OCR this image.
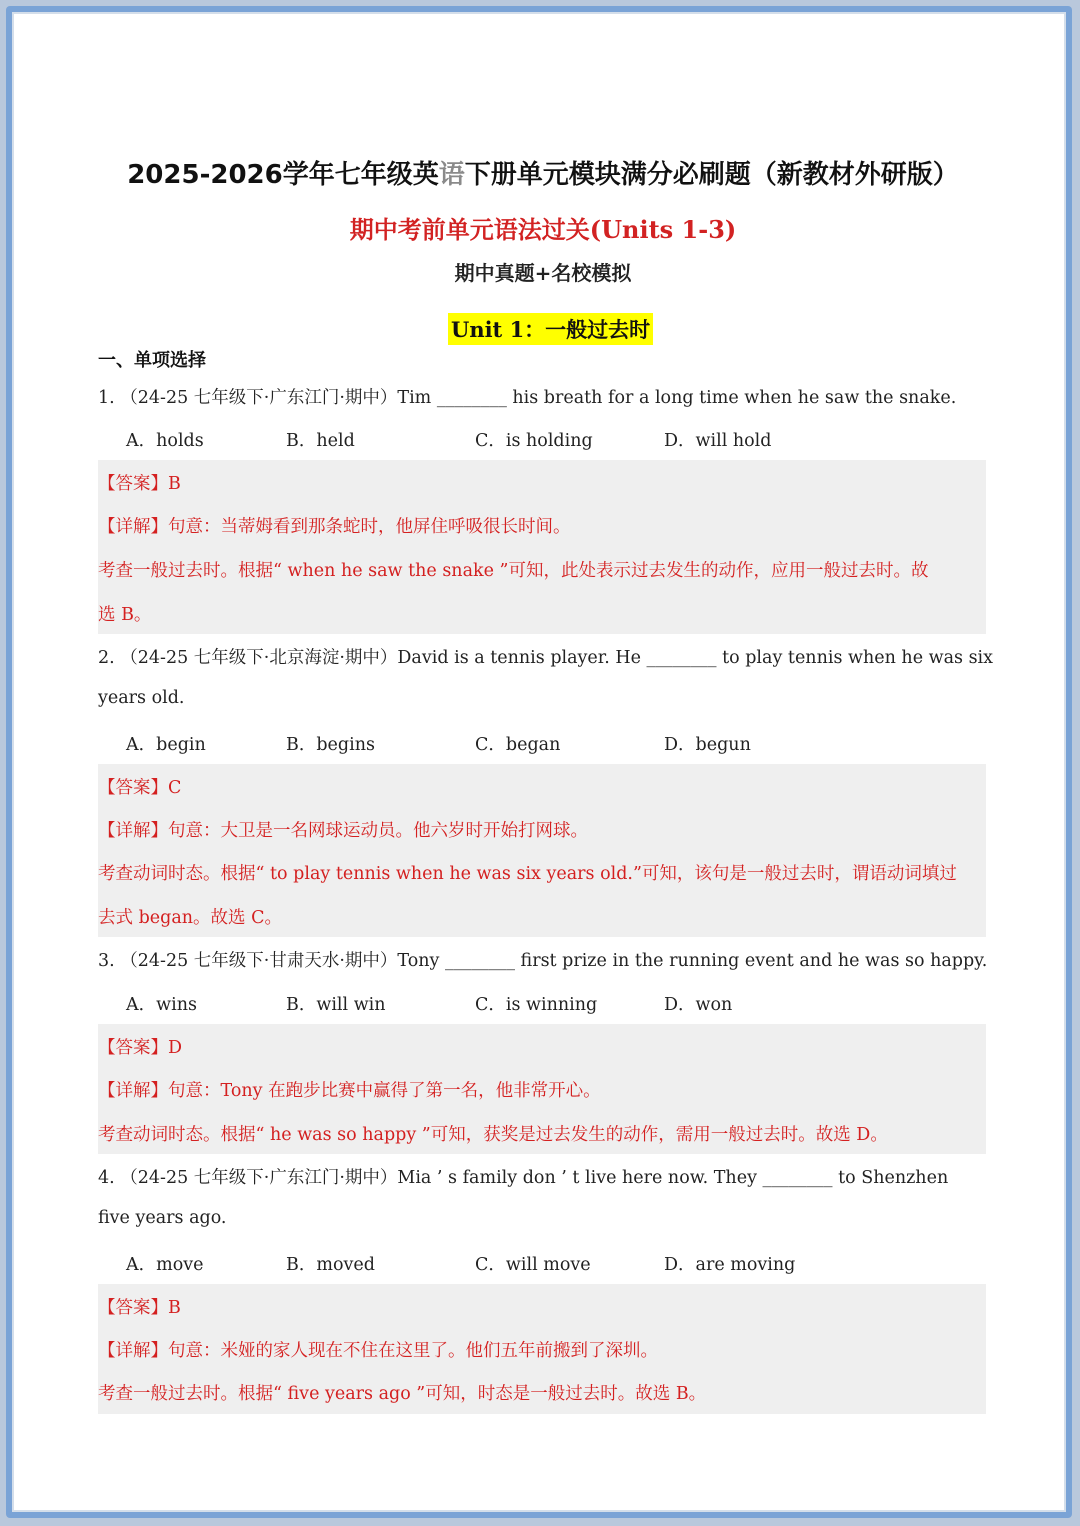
2025-2026学年七年级英语下册单元模块满分必刷题（新教材外研版）
期中考前单元语法过关(Units 1-3)
期中真题+名校模拟
Unit 1：一般过去时
一、单项选择
1. （24-25 七年级下·广东江门·期中）Tim ________ his breath for a long time when he saw the snake.
A．holds	B．held	C．is holding	D．will hold
【答案】B
【详解】句意：当蒂姆看到那条蛇时，他屏住呼吸很长时间。
考查一般过去时。根据“ when he saw the snake ”可知，此处表示过去发生的动作，应用一般过去时。故
选 B。
2. （24-25 七年级下·北京海淀·期中）David is a tennis player. He ________ to play tennis when he was six
years old.
A．begin	B．begins	C．began	D．begun
【答案】C
【详解】句意：大卫是一名网球运动员。他六岁时开始打网球。
考查动词时态。根据“ to play tennis when he was six years old.”可知，该句是一般过去时，谓语动词填过
去式 began。故选 C。
3. （24-25 七年级下·甘肃天水·期中）Tony ________ first prize in the running event and he was so happy.
A．wins	B．will win	C．is winning	D．won
【答案】D
【详解】句意：Tony 在跑步比赛中赢得了第一名，他非常开心。
考查动词时态。根据“ he was so happy ”可知，获奖是过去发生的动作，需用一般过去时。故选 D。
4. （24-25 七年级下·广东江门·期中）Mia ’ s family don ’ t live here now. They ________ to Shenzhen
five years ago.
A．move	B．moved	C．will move	D．are moving
【答案】B
【详解】句意：米娅的家人现在不住在这里了。他们五年前搬到了深圳。
考查一般过去时。根据“ five years ago ”可知，时态是一般过去时。故选 B。
